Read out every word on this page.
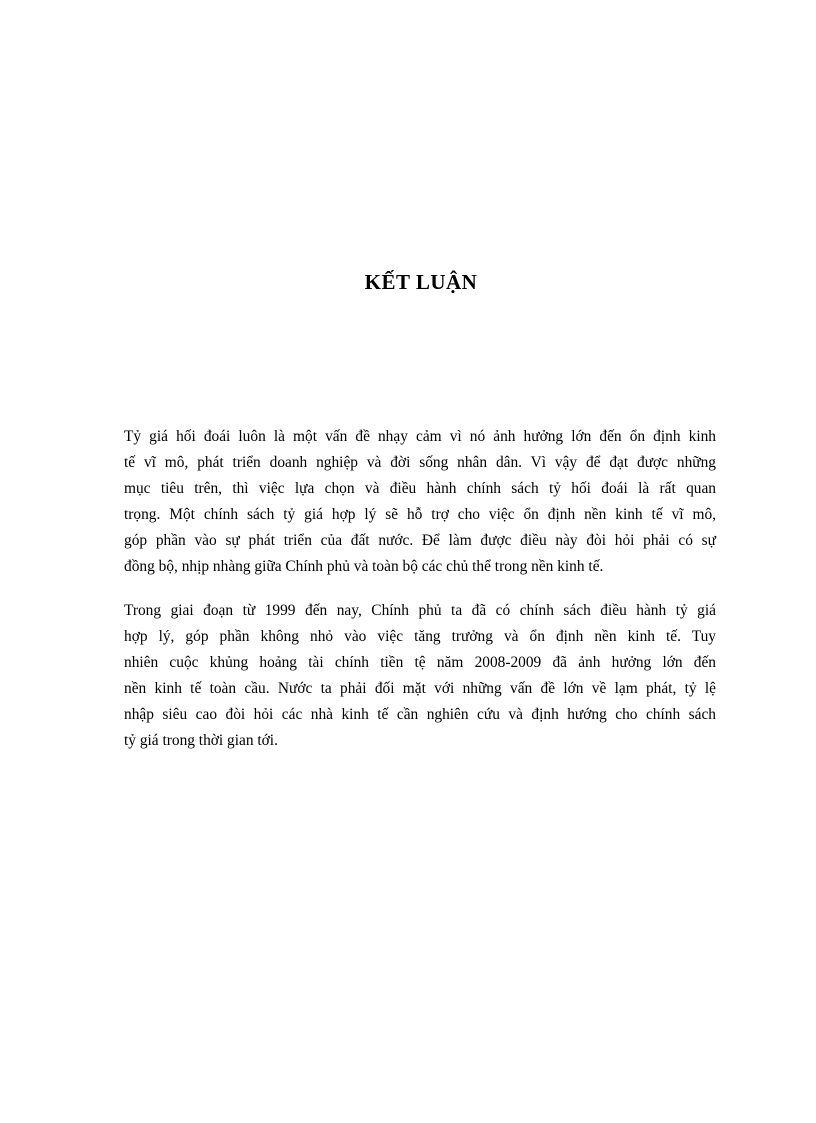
KẾT LUẬN

Tỷ giá hối đoái luôn là một vấn đề nhạy cảm vì nó ảnh hưởng lớn đến ổn định kinh
tế vĩ mô, phát triển doanh nghiệp và đời sống nhân dân. Vì vậy để đạt được những
mục tiêu trên, thì việc lựa chọn và điều hành chính sách tỷ hối đoái là rất quan
trọng. Một chính sách tỷ giá hợp lý sẽ hỗ trợ cho việc ổn định nền kinh tế vĩ mô,
góp phần vào sự phát triển của đất nước. Để làm được điều này đòi hỏi phải có sự
đồng bộ, nhịp nhàng giữa Chính phủ và toàn bộ các chủ thể trong nền kinh tế.

Trong giai đoạn từ 1999 đến nay, Chính phủ ta đã có chính sách điều hành tỷ giá
hợp lý, góp phần không nhỏ vào việc tăng trưởng và ổn định nền kinh tế. Tuy
nhiên cuộc khủng hoảng tài chính tiền tệ năm 2008-2009 đã ảnh hưởng lớn đến
nền kinh tế toàn cầu. Nước ta phải đối mặt với những vấn đề lớn về lạm phát, tỷ lệ
nhập siêu cao đòi hỏi các nhà kinh tế cần nghiên cứu và định hướng cho chính sách
tỷ giá trong thời gian tới.
